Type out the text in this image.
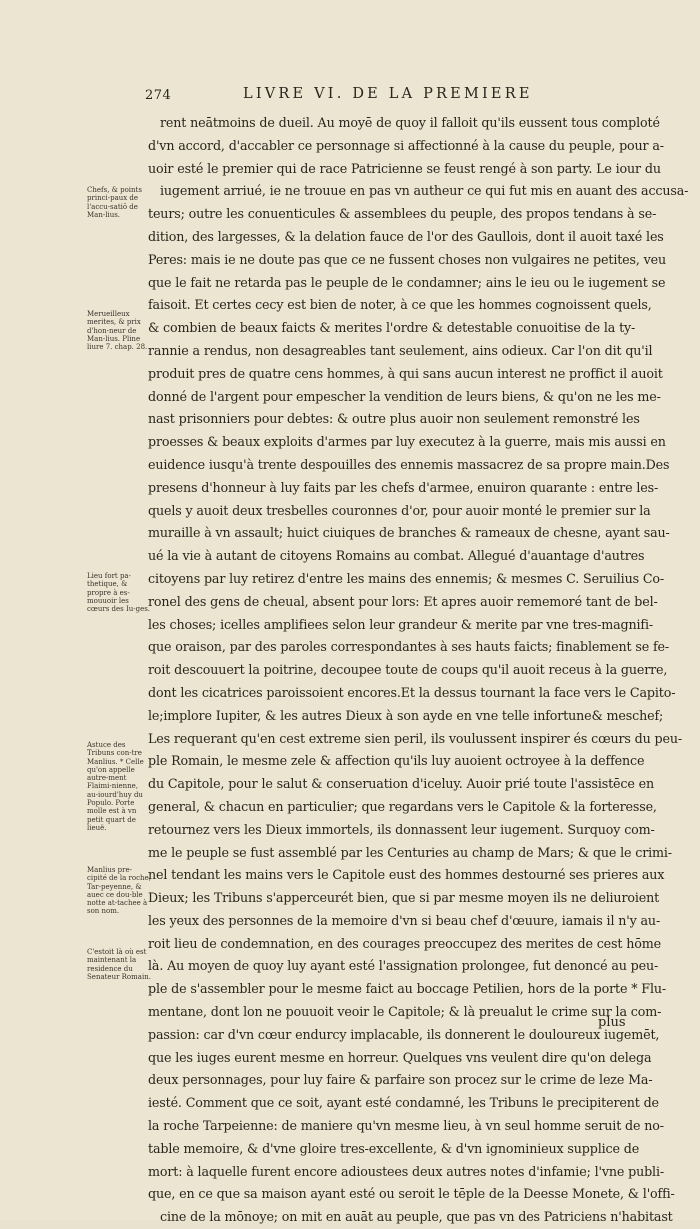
274	LIVRE VI. DE LA PREMIERE
rent neātmoins de dueil. Au moyē de quoy il falloit qu'ils eussent tous comploté
d'vn accord, d'accabler ce personnage si affectionné à la cause du peuple, pour a-
uoir esté le premier qui de race Patricienne se feust rengé à son party. Le iour du
iugement arriué, ie ne trouue en pas vn autheur ce qui fut mis en auant des accusa-
teurs; outre les conuenticules & assemblees du peuple, des propos tendans à se-
dition, des largesses, & la delation fauce de l'or des Gaullois, dont il auoit taxé les
Peres: mais ie ne doute pas que ce ne fussent choses non vulgaires ne petites, veu
que le fait ne retarda pas le peuple de le condamner; ains le ieu ou le iugement se
faisoit. Et certes cecy est bien de noter, à ce que les hommes cognoissent quels,
& combien de beaux faicts & merites l'ordre & detestable conuoitise de la ty-
rannie a rendus, non desagreables tant seulement, ains odieux. Car l'on dit qu'il
produit pres de quatre cens hommes, à qui sans aucun interest ne proffict il auoit
donné de l'argent pour empescher la vendition de leurs biens, & qu'on ne les me-
nast prisonniers pour debtes: & outre plus auoir non seulement remonstré les
proesses & beaux exploits d'armes par luy executez à la guerre, mais mis aussi en
euidence iusqu'à trente despouilles des ennemis massacrez de sa propre main.Des
presens d'honneur à luy faits par les chefs d'armee, enuiron quarante : entre les-
quels y auoit deux tresbelles couronnes d'or, pour auoir monté le premier sur la
muraille à vn assault; huict ciuiques de branches & rameaux de chesne, ayant sau-
ué la vie à autant de citoyens Romains au combat. Allegué d'auantage d'autres
citoyens par luy retirez d'entre les mains des ennemis; & mesmes C. Seruilius Co-
ronel des gens de cheual, absent pour lors: Et apres auoir rememoré tant de bel-
les choses; icelles amplifiees selon leur grandeur & merite par vne tres-magnifi-
que oraison, par des paroles correspondantes à ses hauts faicts; finablement se fe-
roit descouuert la poitrine, decoupee toute de coups qu'il auoit receus à la guerre,
dont les cicatrices paroissoient encores.Et la dessus tournant la face vers le Capito-
le;implore Iupiter, & les autres Dieux à son ayde en vne telle infortune& meschef;
Les requerant qu'en cest extreme sien peril, ils voulussent inspirer és cœurs du peu-
ple Romain, le mesme zele & affection qu'ils luy auoient octroyee à la deffence
du Capitole, pour le salut & conseruation d'iceluy. Auoir prié toute l'assistēce en
general, & chacun en particulier; que regardans vers le Capitole & la forteresse,
retournez vers les Dieux immortels, ils donnassent leur iugement. Surquoy com-
me le peuple se fust assemblé par les Centuries au champ de Mars; & que le crimi-
nel tendant les mains vers le Capitole eust des hommes destourné ses prieres aux
Dieux; les Tribuns s'apperceurét bien, que si par mesme moyen ils ne deliuroient
les yeux des personnes de la memoire d'vn si beau chef d'œuure, iamais il n'y au-
roit lieu de condemnation, en des courages preoccupez des merites de cest hōme
là. Au moyen de quoy luy ayant esté l'assignation prolongee, fut denoncé au peu-
ple de s'assembler pour le mesme faict au boccage Petilien, hors de la porte * Flu-
mentane, dont lon ne pouuoit veoir le Capitole; & là preualut le crime sur la com-
passion: car d'vn cœur endurcy implacable, ils donnerent le douloureux iugemēt,
que les iuges eurent mesme en horreur. Quelques vns veulent dire qu'on delega
deux personnages, pour luy faire & parfaire son procez sur le crime de leze Ma-
iesté. Comment que ce soit, ayant esté condamné, les Tribuns le precipiterent de
la roche Tarpeienne: de maniere qu'vn mesme lieu, à vn seul homme seruit de no-
table memoire, & d'vne gloire tres-excellente, & d'vn ignominieux supplice de
mort: à laquelle furent encore adioustees deux autres notes d'infamie; l'vne publi-
que, en ce que sa maison ayant esté ou seroit le tēple de la Deesse Monete, & l'offi-
cine de la mōnoye; on mit en auāt au peuple, que pas vn des Patriciens n'habitast
Chefs, & points princi-paux de l'accu-satiō de Man-lius.
Merueilleux merites, & prix d'hon-neur de Man-lius. Pline liure 7. chap. 28.
Lieu fort pa-thetique, & propre à es-mouuoir les cœurs des Iu-ges.
Astuce des Tribuns con-tre Manlius. * Celle qu'on appelle autre-ment Flaimi-nienne, au-iourd'huy du Populo. Porte molle est à vn petit quart de lieuë.
Manlius pre-cipité de la roche, Tar-peyenne, & auec ce dou-ble notte at-tachee à son nom.
C'estoit là où est maintenant la residence du Senateur Romain.
plus
